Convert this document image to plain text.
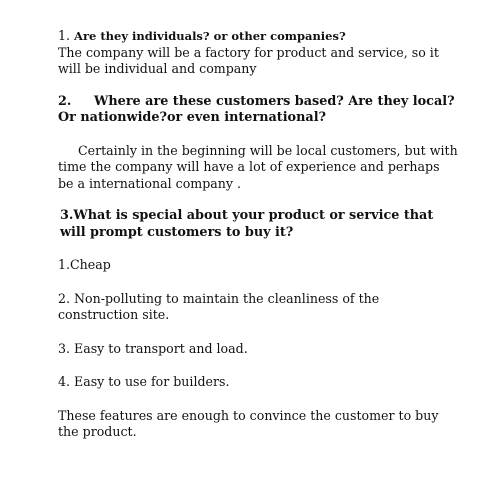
1. Are they individuals? or other companies?

The company will be a factory for product and service, so it will be individual and company

2. Where are these customers based? Are they local? Or nationwide?or even international?

Certainly in the beginning will be local customers, but with time the company will have a lot of experience and perhaps be a international company .

3.What is special about your product or service that will prompt customers to buy it?

1.Cheap

2. Non-polluting to maintain the cleanliness of the construction site.

3. Easy to transport and load.

4. Easy to use for builders.

These features are enough to convince the customer to buy the product.
